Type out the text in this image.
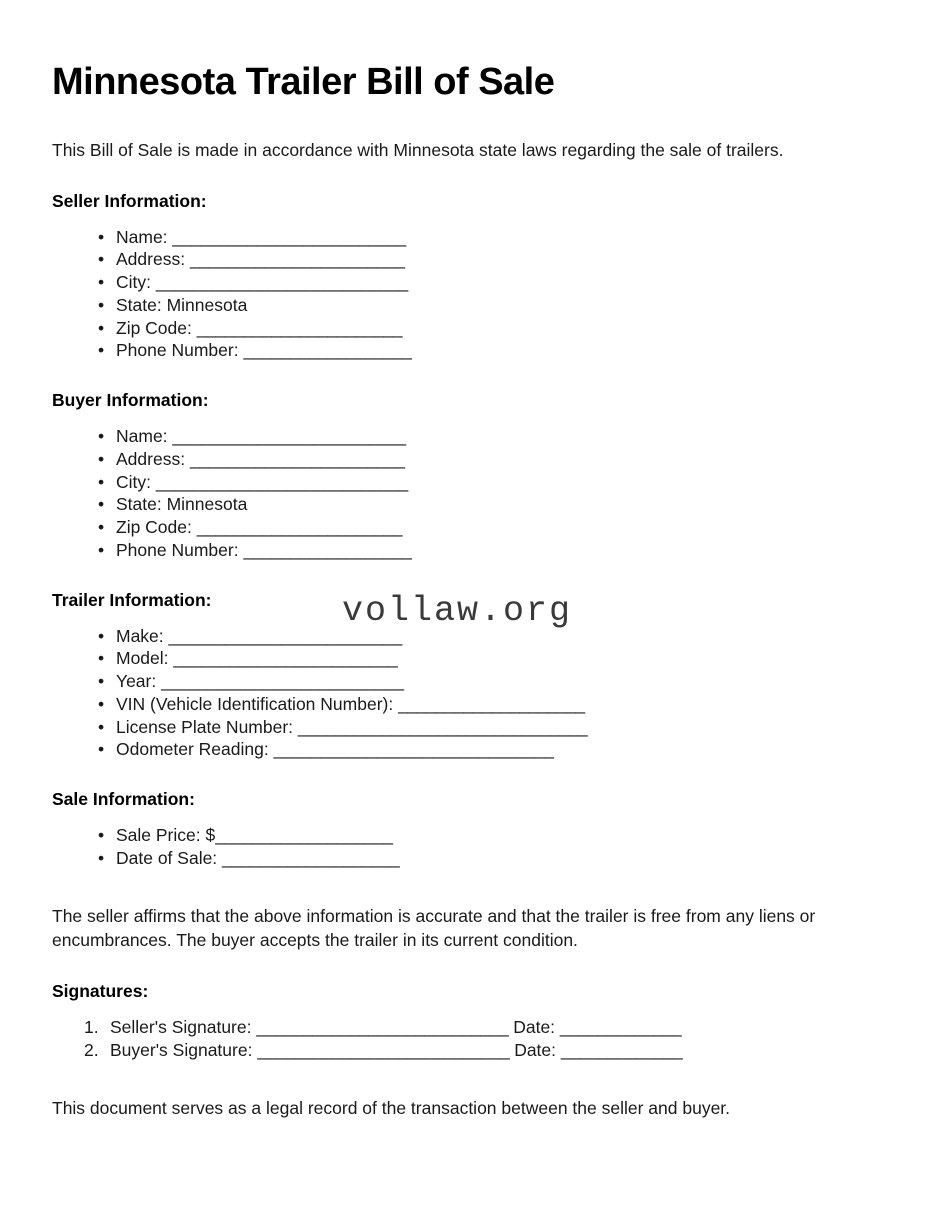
Minnesota Trailer Bill of Sale

This Bill of Sale is made in accordance with Minnesota state laws regarding the sale of trailers.

Seller Information:
• Name: _________________________
• Address: _______________________
• City: ___________________________
• State: Minnesota
• Zip Code: ______________________
• Phone Number: __________________
Buyer Information:
• Name: _________________________
• Address: _______________________
• City: ___________________________
• State: Minnesota
• Zip Code: ______________________
• Phone Number: __________________
Trailer Information:
• Make: _________________________
• Model: ________________________
• Year: __________________________
• VIN (Vehicle Identification Number): ____________________
• License Plate Number: _______________________________
• Odometer Reading: ______________________________
Sale Information:
• Sale Price: $___________________
• Date of Sale: ___________________

The seller affirms that the above information is accurate and that the trailer is free from any liens or encumbrances. The buyer accepts the trailer in its current condition.

Signatures:
Seller's Signature: ___________________________ Date: _____________
Buyer's Signature: ___________________________ Date: _____________

This document serves as a legal record of the transaction between the seller and buyer.

vollaw.org
